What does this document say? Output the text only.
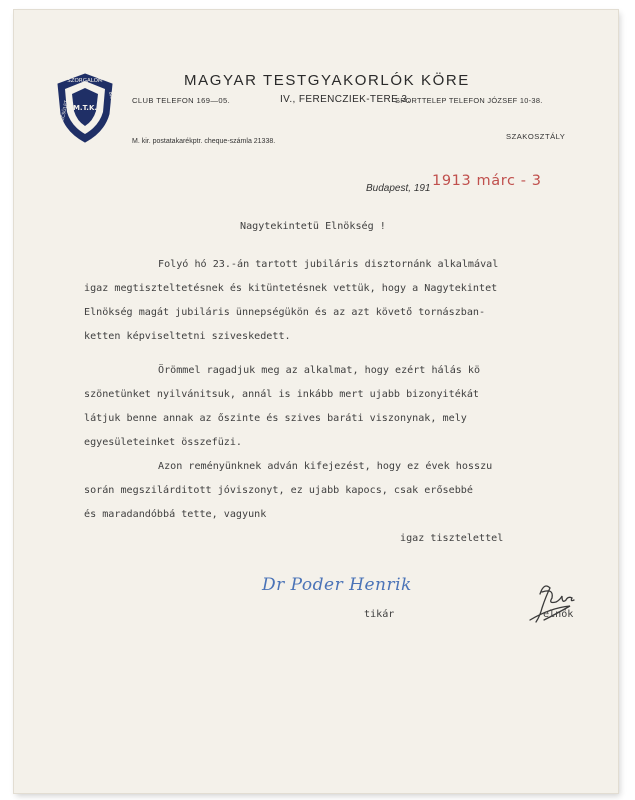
SZORGALOM
M.T.K. BARÁTSÁG
BECSÜLET
MAGYAR TESTGYAKORLÓK KÖRE
CLUB TELEFON 169—05.	IV., FERENCZIEK-TERE 3.
SPORTTELEP TELEFON JÓZSEF 10-38.
M. kir. postatakarékptr. cheque-számla 21338.
SZAKOSZTÁLY
Budapest, 191 1913 márc - 3
Nagytekintetü Elnökség !
Folyó hó 23.-án tartott jubiláris disztornánk alkalmával
igaz megtiszteltetésnek és kitüntetésnek vettük, hogy a Nagytekintet
Elnökség magát jubiláris ünnepségükön és az azt követő tornászban-
ketten képviseltetni sziveskedett.
Örömmel ragadjuk meg az alkalmat, hogy ezért hálás kö
szönetünket nyilvánitsuk, annál is inkább mert ujabb bizonyitékát
látjuk benne annak az őszinte és szives baráti viszonynak, mely
egyesületeinket összefüzi.
Azon reményünknek adván kifejezést, hogy ez évek hosszu
során megszilárditott jóviszonyt, ez ujabb kapocs, csak erősebbé
és maradandóbbá tette, vagyunk
igaz tisztelettel
Dr Poder Henrik
tikár	elnök
